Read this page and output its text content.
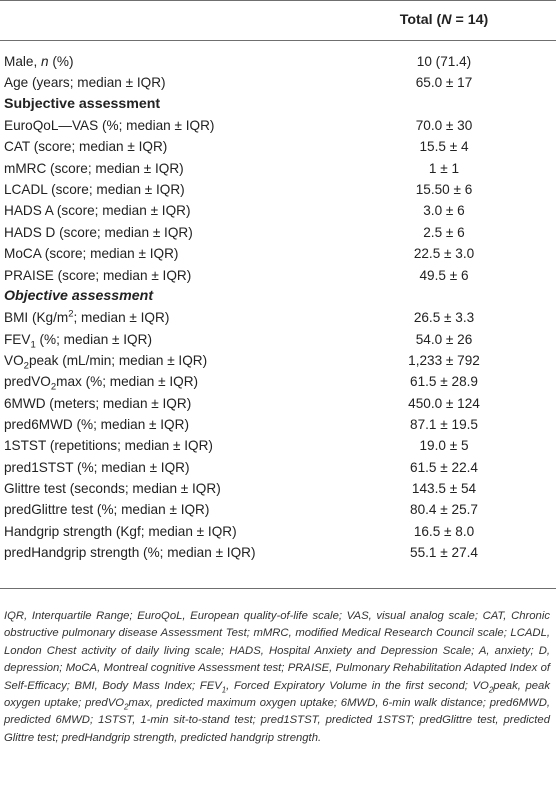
Total (N = 14)
Male, n (%)	10 (71.4)
Age (years; median ± IQR)	65.0 ± 17
Subjective assessment
EuroQoL—VAS (%; median ± IQR)	70.0 ± 30
CAT (score; median ± IQR)	15.5 ± 4
mMRC (score; median ± IQR)	1 ± 1
LCADL (score; median ± IQR)	15.50 ± 6
HADS A (score; median ± IQR)	3.0 ± 6
HADS D (score; median ± IQR)	2.5 ± 6
MoCA (score; median ± IQR)	22.5 ± 3.0
PRAISE (score; median ± IQR)	49.5 ± 6
Objective assessment
BMI ($Kg/m^2$; median ± IQR)	26.5 ± 3.3
$FEV_1$ (%; median ± IQR)	54.0 ± 26
$VO_2peak$ (mL/min; median ± IQR)	1,233 ± 792
predVO$_2$max (%; median ± IQR)	61.5 ± 28.9
6MWD (meters; median ± IQR)	450.0 ± 124
pred6MWD (%; median ± IQR)	87.1 ± 19.5
1STST (repetitions; median ± IQR)	19.0 ± 5
pred1STST (%; median ± IQR)	61.5 ± 22.4
Glittre test (seconds; median ± IQR)	143.5 ± 54
predGlittre test (%; median ± IQR)	80.4 ± 25.7
Handgrip strength (Kgf; median ± IQR)	16.5 ± 8.0
predHandgrip strength (%; median ± IQR)	55.1 ± 27.4
IQR, Interquartile Range; EuroQoL, European quality-of-life scale; VAS, visual analog scale; CAT, Chronic obstructive pulmonary disease Assessment Test; mMRC, modified Medical Research Council scale; LCADL, London Chest activity of daily living scale; HADS, Hospital Anxiety and Depression Scale; A, anxiety; D, depression; MoCA, Montreal cognitive Assessment test; PRAISE, Pulmonary Rehabilitation Adapted Index of Self-Efficacy; BMI, Body Mass Index; $FEV_1$, Forced Expiratory Volume in the first second; $VO_2peak$, peak oxygen uptake; predVO$_2$max, predicted maximum oxygen uptake; 6MWD, 6-min walk distance; pred6MWD, predicted 6MWD; 1STST, 1-min sit-to-stand test; pred1STST, predicted 1STST; predGlittre test, predicted Glittre test; predHandgrip strength, predicted handgrip strength.
